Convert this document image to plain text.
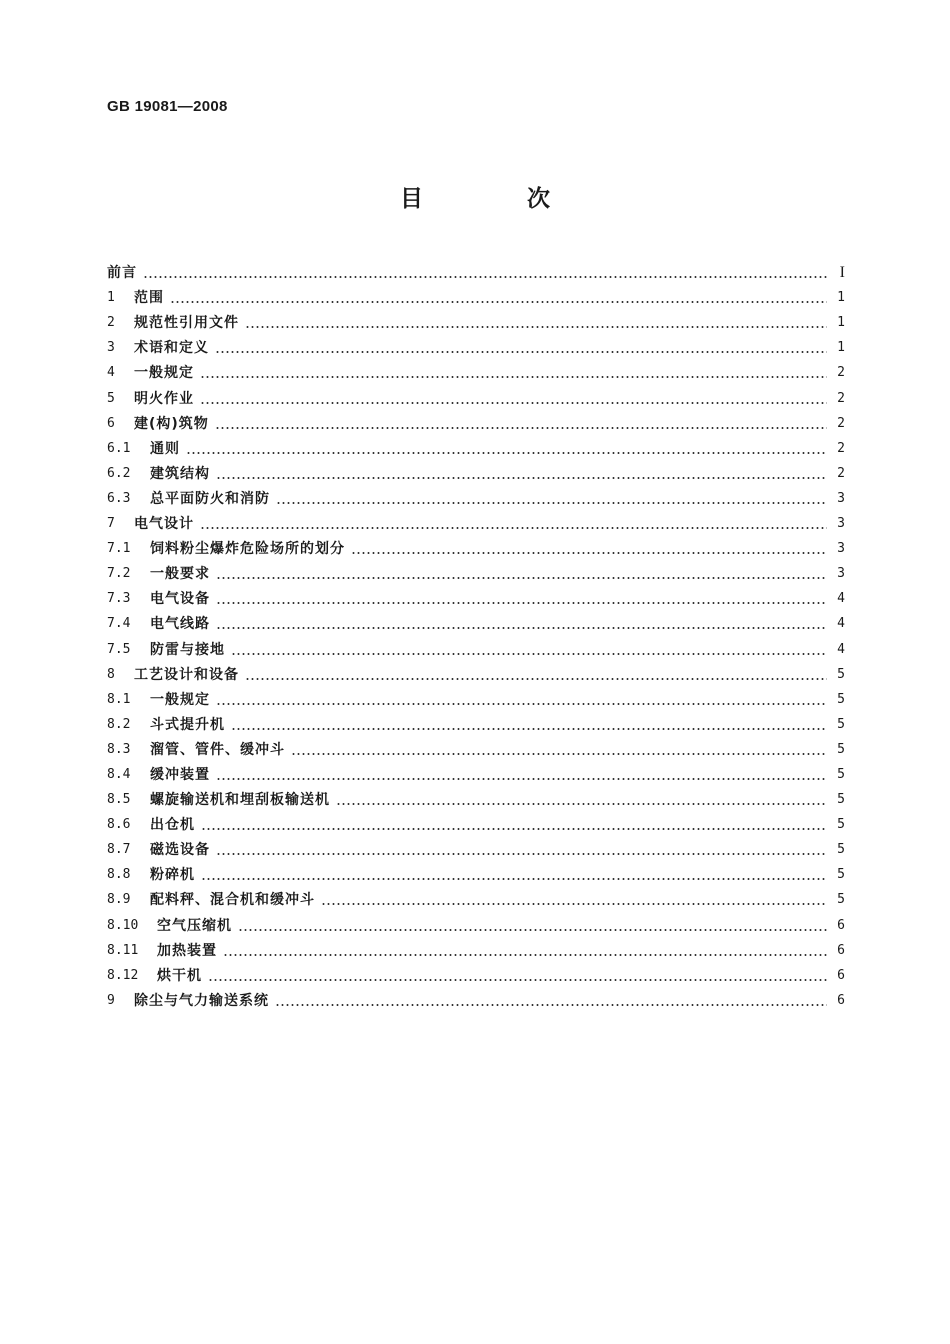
GB 19081—2008
目 次
前言	I
1	范围	1
2	规范性引用文件	1
3	术语和定义	1
4	一般规定	2
5	明火作业	2
6	建(构)筑物	2
6.1	通则	2
6.2	建筑结构	2
6.3	总平面防火和消防	3
7	电气设计	3
7.1	饲料粉尘爆炸危险场所的划分	3
7.2	一般要求	3
7.3	电气设备	4
7.4	电气线路	4
7.5	防雷与接地	4
8	工艺设计和设备	5
8.1	一般规定	5
8.2	斗式提升机	5
8.3	溜管、管件、缓冲斗	5
8.4	缓冲装置	5
8.5	螺旋输送机和埋刮板输送机	5
8.6	出仓机	5
8.7	磁选设备	5
8.8	粉碎机	5
8.9	配料秤、混合机和缓冲斗	5
8.10	空气压缩机	6
8.11	加热装置	6
8.12	烘干机	6
9	除尘与气力输送系统	6
